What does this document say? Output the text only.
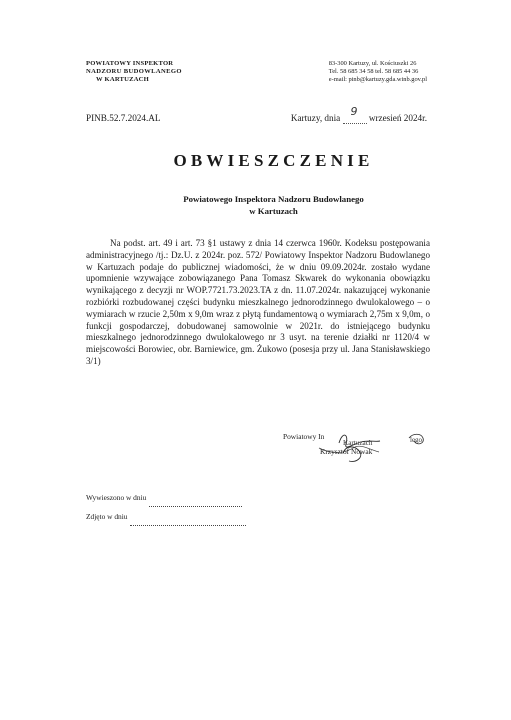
POWIATOWY INSPEKTOR
NADZORU BUDOWLANEGO
W KARTUZACH
83-300 Kartuzy, ul. Kościuszki 26
Tel. 58 685 34 58 tel. 58 685 44 36
e-mail: pinb@kartuzy.gda.winb.gov.pl
PINB.52.7.2024.AL	Kartuzy, dnia 9 wrzesień 2024r.
OBWIESZCZENIE
Powiatowego Inspektora Nadzoru Budowlanego
w Kartuzach
Na podst. art. 49 i art. 73 §1 ustawy z dnia 14 czerwca 1960r. Kodeksu postępowania administracyjnego /tj.: Dz.U. z 2024r. poz. 572/ Powiatowy Inspektor Nadzoru Budowlanego w Kartuzach podaje do publicznej wiadomości, że w dniu 09.09.2024r. zostało wydane upomnienie wzywające zobowiązanego Pana Tomasz Skwarek do wykonania obowiązku wynikającego z decyzji nr WOP.7721.73.2023.TA z dn. 11.07.2024r. nakazującej wykonanie rozbiórki rozbudowanej części budynku mieszkalnego jednorodzinnego dwulokalowego – o wymiarach w rzucie 2,50m x 9,0m wraz z płytą fundamentową o wymiarach 2,75m x 9,0m, o funkcji gospodarczej, dobudowanej samowolnie w 2021r. do istniejącego budynku mieszkalnego jednorodzinnego dwulokalowego nr 3 usyt. na terenie działki nr 1120/4 w miejscowości Borowiec, obr. Barniewice, gm. Żukowo (posesja przy ul. Jana Stanisławskiego 3/1)
Kartuzach	lego
Powiatowy In
Krzysztof Nowak
Wywieszono w dniu
Zdjęto w dniu
